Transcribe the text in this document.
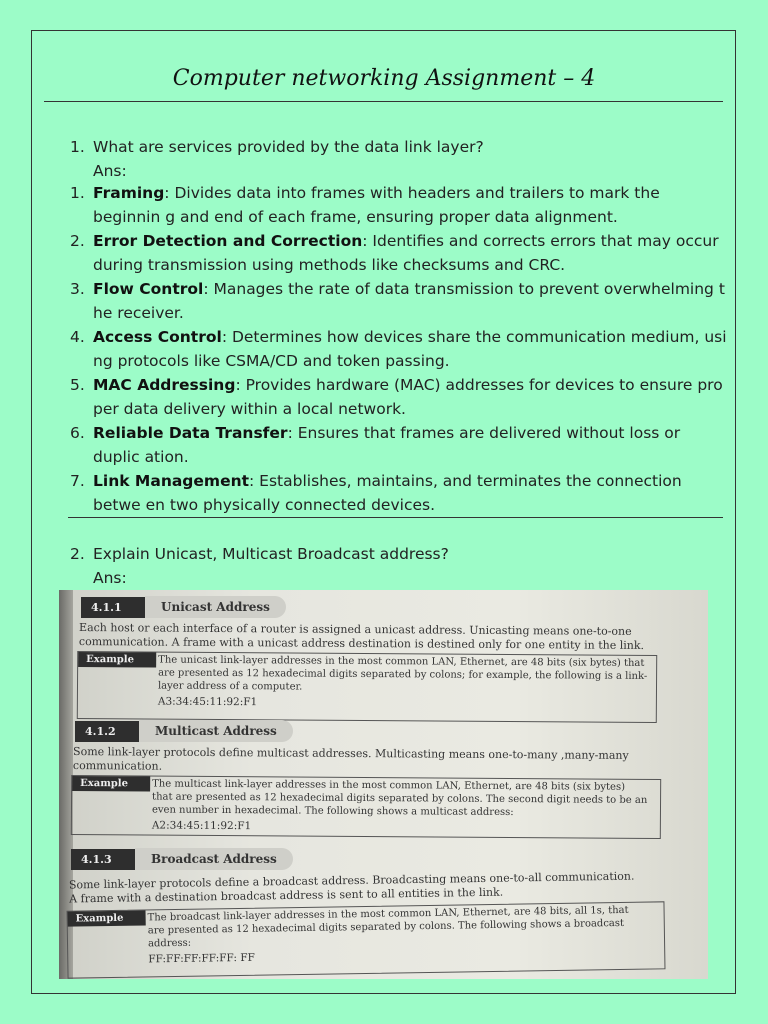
Computer networking Assignment – 4
1. What are services provided by the data link layer?
Ans:
1. Framing: Divides data into frames with headers and trailers to mark the beginnin g and end of each frame, ensuring proper data alignment.
2. Error Detection and Correction: Identifies and corrects errors that may occur during transmission using methods like checksums and CRC.
3. Flow Control: Manages the rate of data transmission to prevent overwhelming t he receiver.
4. Access Control: Determines how devices share the communication medium, usi ng protocols like CSMA/CD and token passing.
5. MAC Addressing: Provides hardware (MAC) addresses for devices to ensure pro per data delivery within a local network.
6. Reliable Data Transfer: Ensures that frames are delivered without loss or duplic ation.
7. Link Management: Establishes, maintains, and terminates the connection betwe en two physically connected devices.
2. Explain Unicast, Multicast Broadcast address?
Ans:
4.1.1	Unicast Address
Each host or each interface of a router is assigned a unicast address. Unicasting means one-to-one
communication. A frame with a unicast address destination is destined only for one entity in the link.
Example	The unicast link-layer addresses in the most common LAN, Ethernet, are 48 bits (six bytes) that
are presented as 12 hexadecimal digits separated by colons; for example, the following is a link-
layer address of a computer.
A3:34:45:11:92:F1
4.1.2	Multicast Address
Some link-layer protocols define multicast addresses. Multicasting means one-to-many ,many-many
communication.
Example	The multicast link-layer addresses in the most common LAN, Ethernet, are 48 bits (six bytes)
that are presented as 12 hexadecimal digits separated by colons. The second digit needs to be an
even number in hexadecimal. The following shows a multicast address:
A2:34:45:11:92:F1
4.1.3	Broadcast Address
Some link-layer protocols define a broadcast address. Broadcasting means one-to-all communication.
A frame with a destination broadcast address is sent to all entities in the link.
Example	The broadcast link-layer addresses in the most common LAN, Ethernet, are 48 bits, all 1s, that
are presented as 12 hexadecimal digits separated by colons. The following shows a broadcast
address:
FF:FF:FF:FF:FF: FF
